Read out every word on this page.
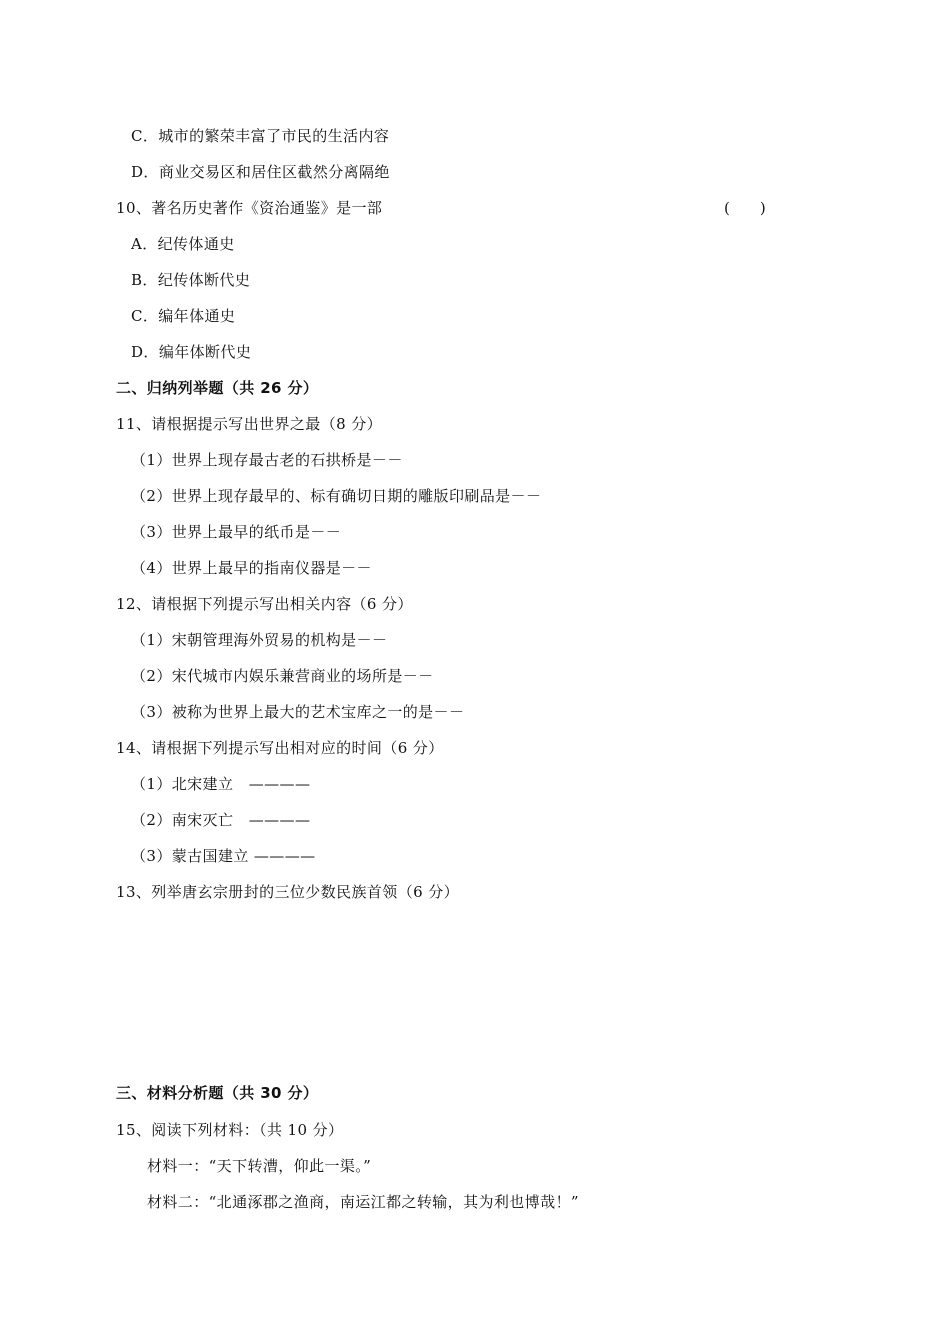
C．城市的繁荣丰富了市民的生活内容
D．商业交易区和居住区截然分离隔绝
10、著名历史著作《资治通鉴》是一部	(　　)
A．纪传体通史
B．纪传体断代史
C．编年体通史
D．编年体断代史
二、归纳列举题（共 26 分）
11、请根据提示写出世界之最（8 分）
（1）世界上现存最古老的石拱桥是－－
（2）世界上现存最早的、标有确切日期的雕版印刷品是－－
（3）世界上最早的纸币是－－
（4）世界上最早的指南仪器是－－
12、请根据下列提示写出相关内容（6 分）
（1）宋朝管理海外贸易的机构是－－
（2）宋代城市内娱乐兼营商业的场所是－－
（3）被称为世界上最大的艺术宝库之一的是－－
14、请根据下列提示写出相对应的时间（6 分）
（1）北宋建立　————
（2）南宋灭亡　————
（3）蒙古国建立 ————
13、列举唐玄宗册封的三位少数民族首领（6 分）
三、材料分析题（共 30 分）
15、阅读下列材料：（共 10 分）
材料一：“天下转漕，仰此一渠。”
材料二：“北通涿郡之渔商，南运江都之转输，其为利也博哉！”
